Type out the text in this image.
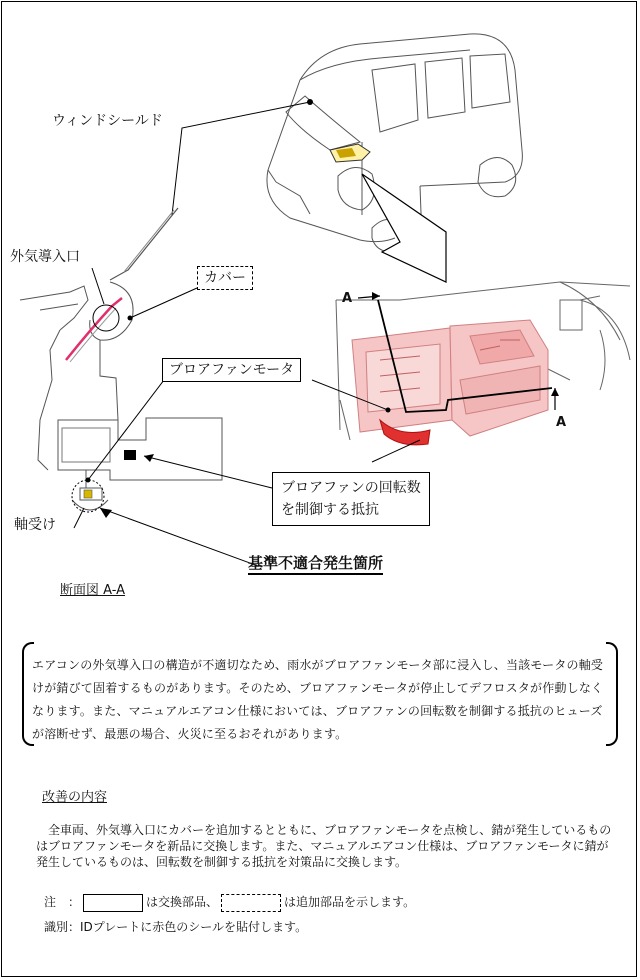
ウィンドシールド
外気導入口
カバー
ブロアファンモータ
ブロアファンの回転数
を制御する抵抗
軸受け
基準不適合発生箇所
断面図 A-A
A
A

エアコンの外気導入口の構造が不適切なため、雨水がブロアファンモータ部に浸入し、当該モータの軸受けが錆びて固着するものがあります。そのため、ブロアファンモータが停止してデフロスタが作動しなくなります。また、マニュアルエアコン仕様においては、ブロアファンの回転数を制御する抵抗のヒューズが溶断せず、最悪の場合、火災に至るおそれがあります。

改善の内容

　全車両、外気導入口にカバーを追加するとともに、ブロアファンモータを点検し、錆が発生しているものはブロアファンモータを新品に交換します。また、マニュアルエアコン仕様は、ブロアファンモータに錆が発生しているものは、回転数を制御する抵抗を対策品に交換します。

注　：	は交換部品、	は追加部品を示します。
識別：IDプレートに赤色のシールを貼付します。
